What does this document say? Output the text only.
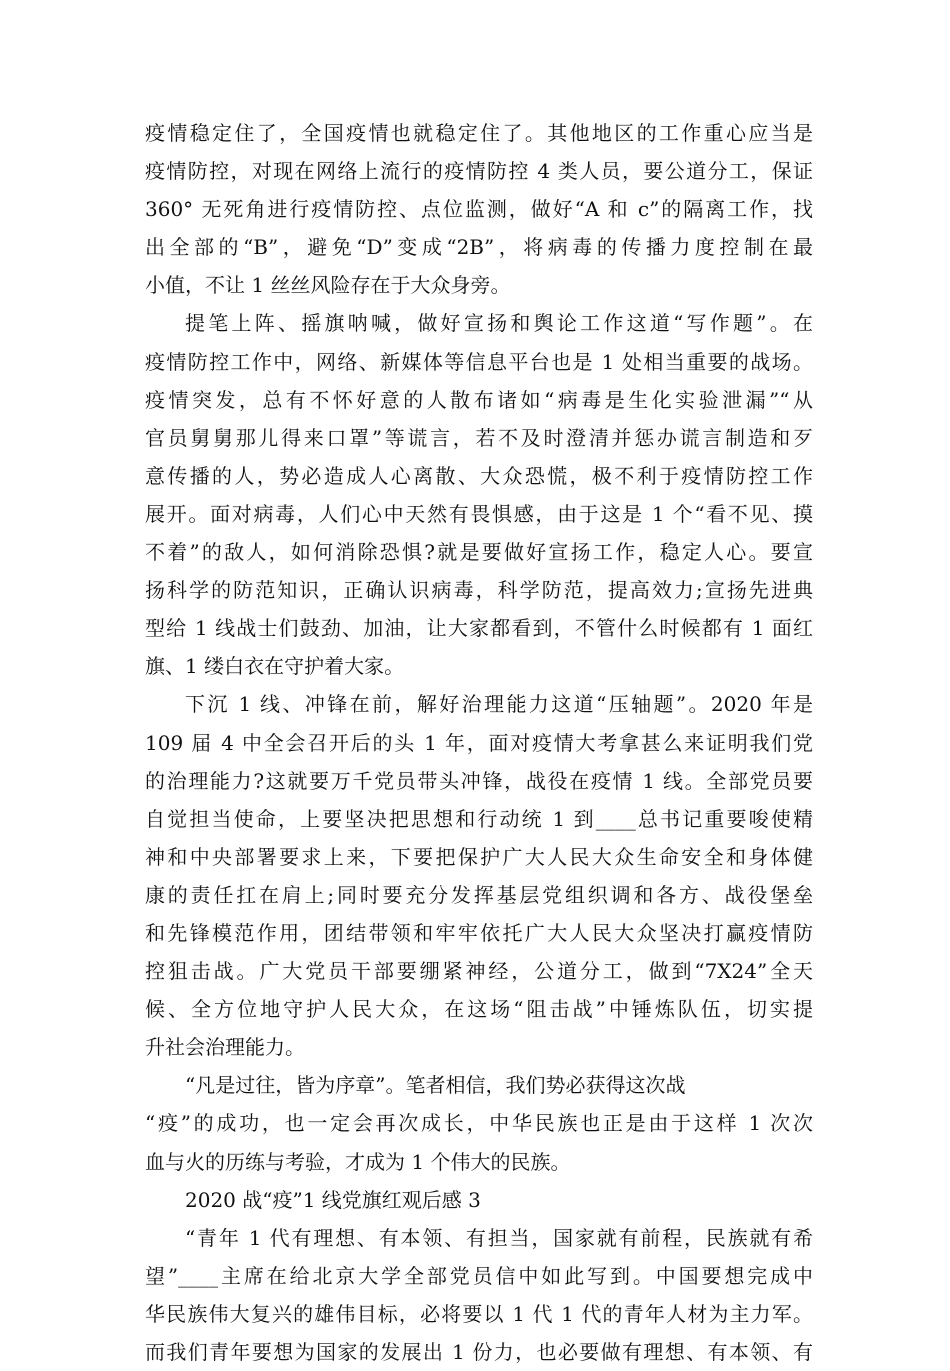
疫情稳定住了，全国疫情也就稳定住了。其他地区的工作重心应当是
疫情防控，对现在网络上流行的疫情防控 4 类人员，要公道分工，保证
360° 无死角进行疫情防控、点位监测，做好“A 和 c”的隔离工作，找
出全部的“B”，避免“D”变成“2B”，将病毒的传播力度控制在最
小值，不让 1 丝丝风险存在于大众身旁。
提笔上阵、摇旗呐喊，做好宣扬和舆论工作这道“写作题”。在
疫情防控工作中，网络、新媒体等信息平台也是 1 处相当重要的战场。
疫情突发，总有不怀好意的人散布诸如“病毒是生化实验泄漏”“从
官员舅舅那儿得来口罩”等谎言，若不及时澄清并惩办谎言制造和歹
意传播的人，势必造成人心离散、大众恐慌，极不利于疫情防控工作
展开。面对病毒，人们心中天然有畏惧感，由于这是 1 个“看不见、摸
不着”的敌人，如何消除恐惧?就是要做好宣扬工作，稳定人心。要宣
扬科学的防范知识，正确认识病毒，科学防范，提高效力;宣扬先进典
型给 1 线战士们鼓劲、加油，让大家都看到，不管什么时候都有 1 面红
旗、1 缕白衣在守护着大家。
下沉 1 线、冲锋在前，解好治理能力这道“压轴题”。2020 年是
109 届 4 中全会召开后的头 1 年，面对疫情大考拿甚么来证明我们党
的治理能力?这就要万千党员带头冲锋，战役在疫情 1 线。全部党员要
自觉担当使命，上要坚决把思想和行动统 1 到____总书记重要唆使精
神和中央部署要求上来，下要把保护广大人民大众生命安全和身体健
康的责任扛在肩上;同时要充分发挥基层党组织调和各方、战役堡垒
和先锋模范作用，团结带领和牢牢依托广大人民大众坚决打赢疫情防
控狙击战。广大党员干部要绷紧神经，公道分工，做到“7X24”全天
候、全方位地守护人民大众，在这场“阻击战”中锤炼队伍，切实提
升社会治理能力。
“凡是过往，皆为序章”。笔者相信，我们势必获得这次战
“疫”的成功，也一定会再次成长，中华民族也正是由于这样 1 次次
血与火的历练与考验，才成为 1 个伟大的民族。
2020 战“疫”1 线党旗红观后感 3
“青年 1 代有理想、有本领、有担当，国家就有前程，民族就有希
望”____主席在给北京大学全部党员信中如此写到。中国要想完成中
华民族伟大复兴的雄伟目标，必将要以 1 代 1 代的青年人材为主力军。
而我们青年要想为国家的发展出 1 份力，也必要做有理想、有本领、有
